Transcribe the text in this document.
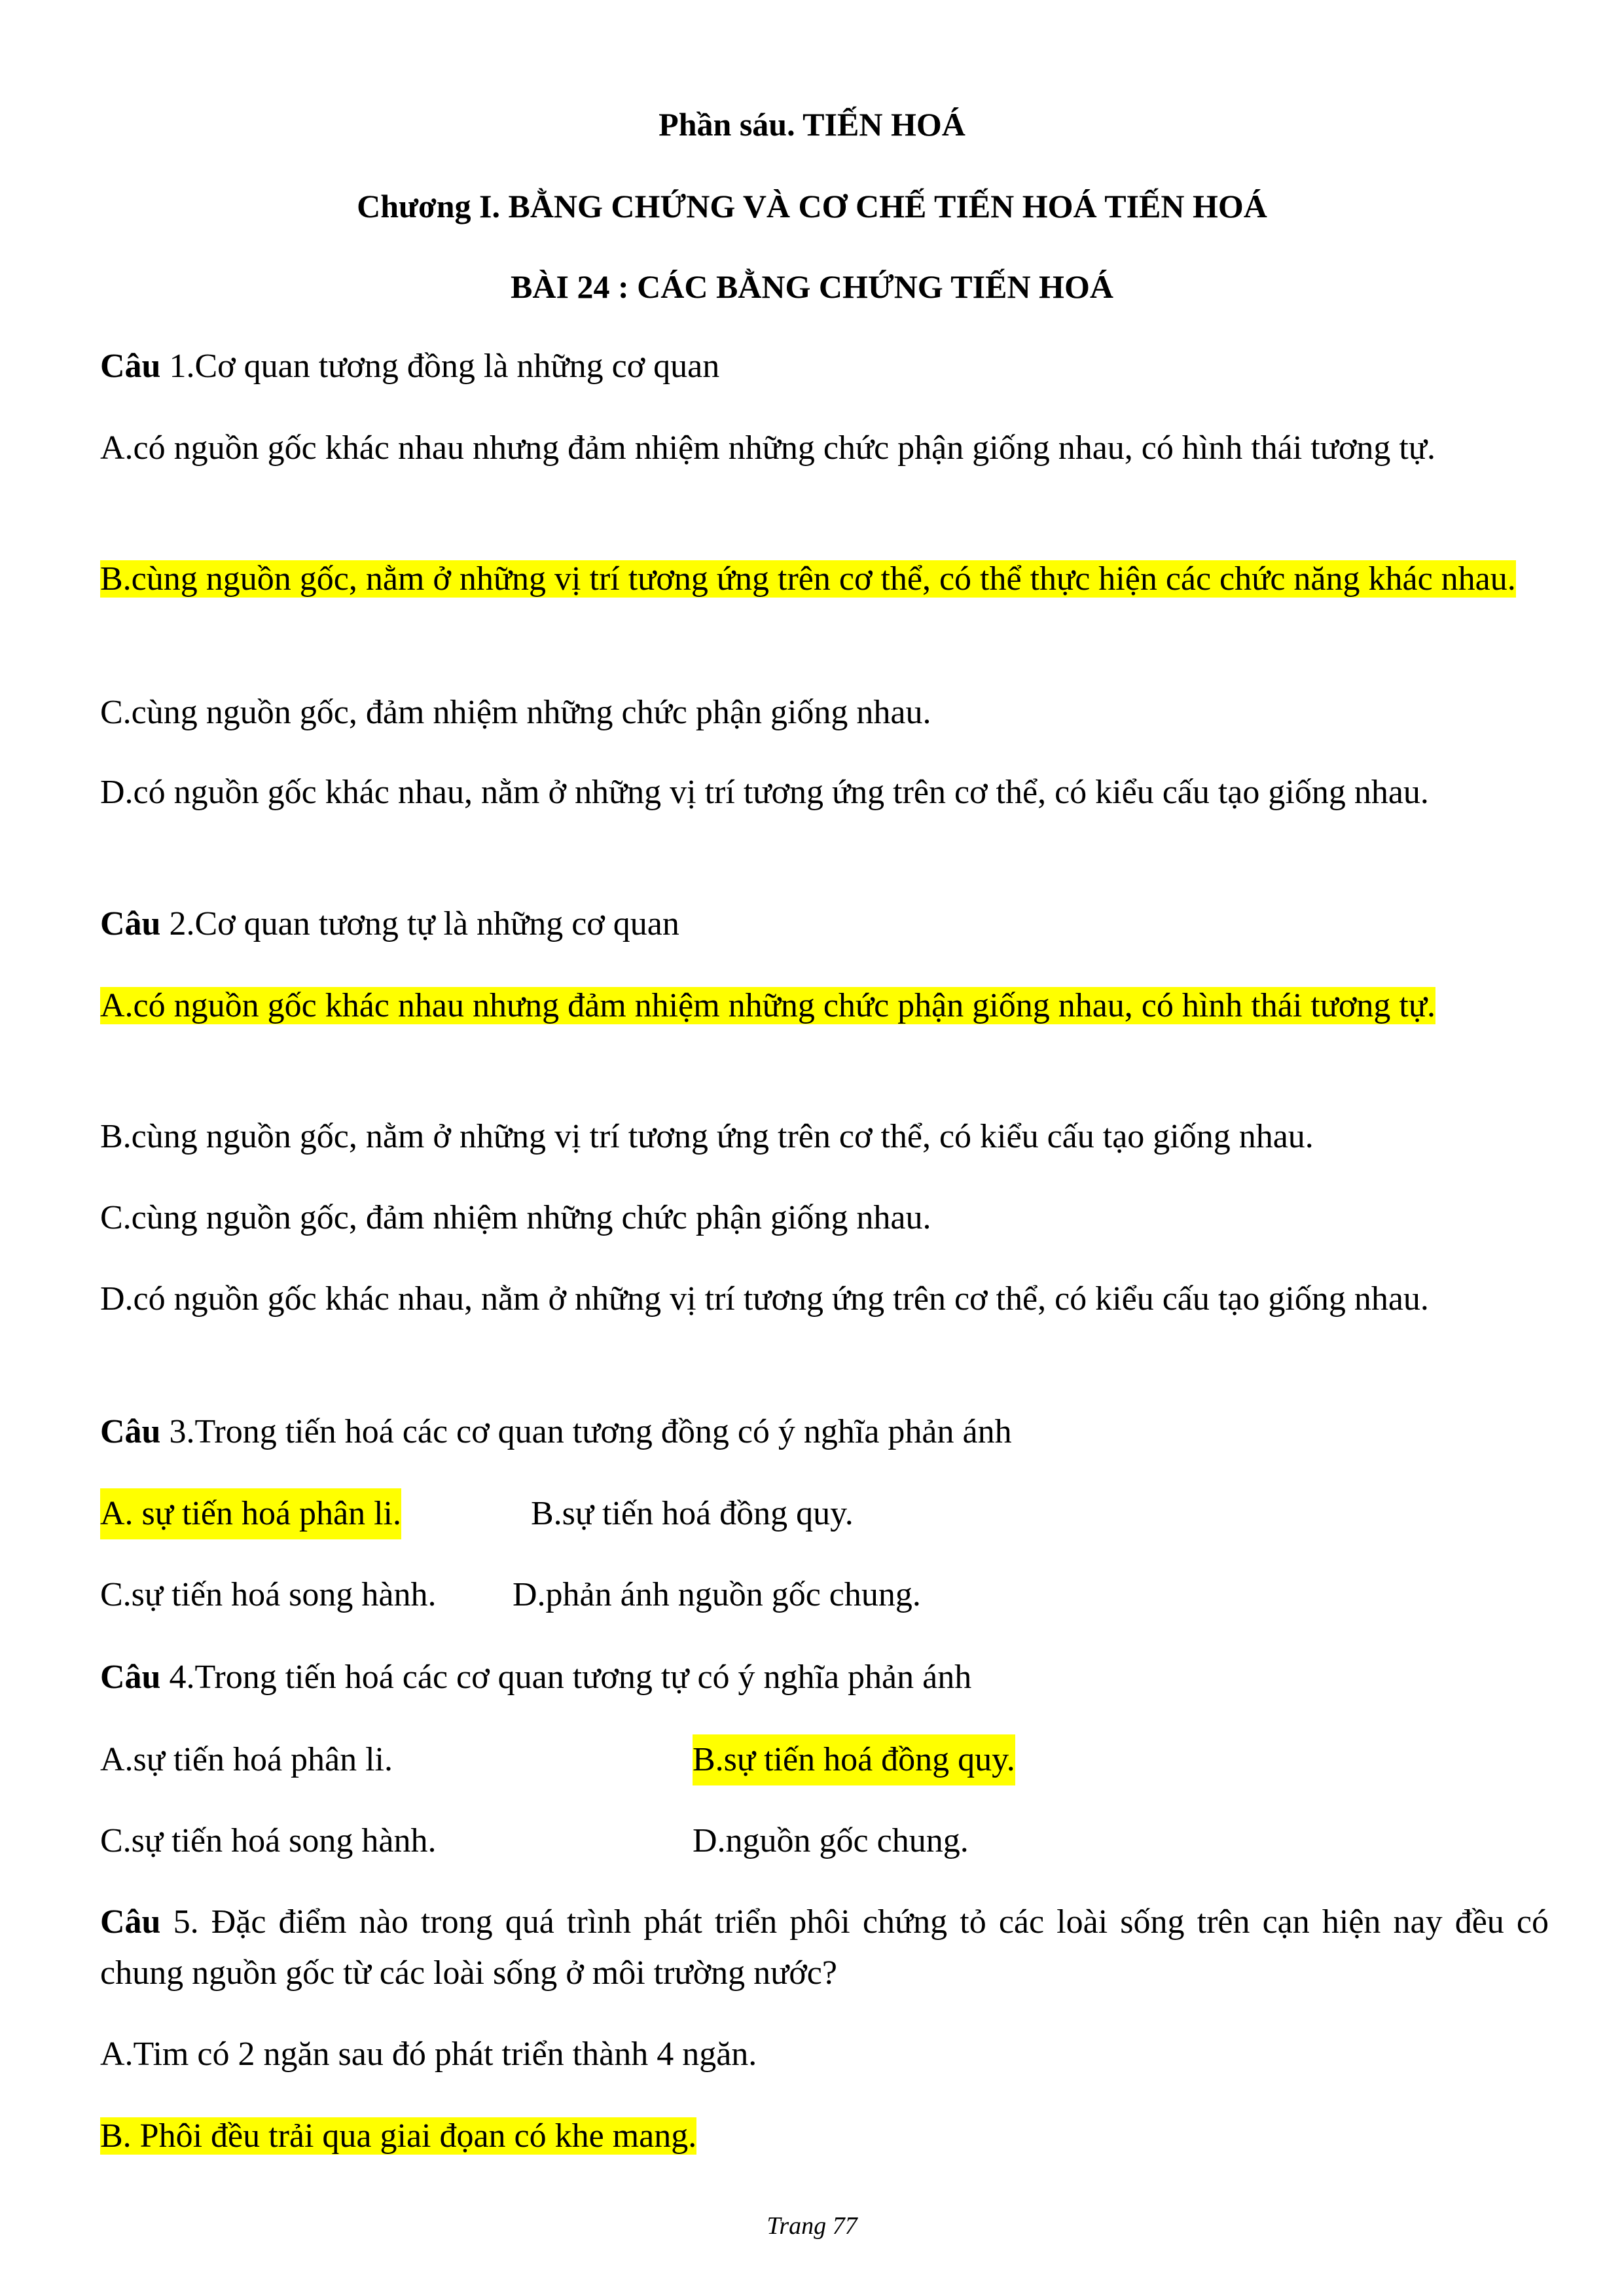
Phần sáu. TIẾN HOÁ
Chương I. BẰNG CHỨNG VÀ CƠ CHẾ TIẾN HOÁ TIẾN HOÁ
BÀI 24 : CÁC BẰNG CHỨNG TIẾN HOÁ
Câu 1.Cơ quan tương đồng là những cơ quan
A.có nguồn gốc khác nhau nhưng đảm nhiệm những chức phận giống nhau, có hình thái tương tự.
B.cùng nguồn gốc, nằm ở những vị trí tương ứng trên cơ thể, có thể thực hiện các chức năng khác nhau.
C.cùng nguồn gốc, đảm nhiệm những chức phận giống nhau.
D.có nguồn gốc khác nhau, nằm ở những vị trí tương ứng trên cơ thể, có kiểu cấu tạo giống nhau.
Câu 2.Cơ quan tương tự là những cơ quan
A.có nguồn gốc khác nhau nhưng đảm nhiệm những chức phận giống nhau, có hình thái tương tự.
B.cùng nguồn gốc, nằm ở những vị trí tương ứng trên cơ thể, có kiểu cấu tạo giống nhau.
C.cùng nguồn gốc, đảm nhiệm những chức phận giống nhau.
D.có nguồn gốc khác nhau, nằm ở những vị trí tương ứng trên cơ thể, có kiểu cấu tạo giống nhau.
Câu 3.Trong tiến hoá các cơ quan tương đồng có ý nghĩa phản ánh
A. sự tiến hoá phân li.	B.sự tiến hoá đồng quy.
C.sự tiến hoá song hành. D.phản ánh nguồn gốc chung.
Câu 4.Trong tiến hoá các cơ quan tương tự có ý nghĩa phản ánh
A.sự tiến hoá phân li.	B.sự tiến hoá đồng quy.
C.sự tiến hoá song hành.	D.nguồn gốc chung.
Câu 5. Đặc điểm nào trong quá trình phát triển phôi chứng tỏ các loài sống trên cạn hiện nay đều có chung nguồn gốc từ các loài sống ở môi trường nước?
A.Tim có 2 ngăn sau đó phát triển thành 4 ngăn.
B. Phôi đều trải qua giai đọan có khe mang.
Trang 77
